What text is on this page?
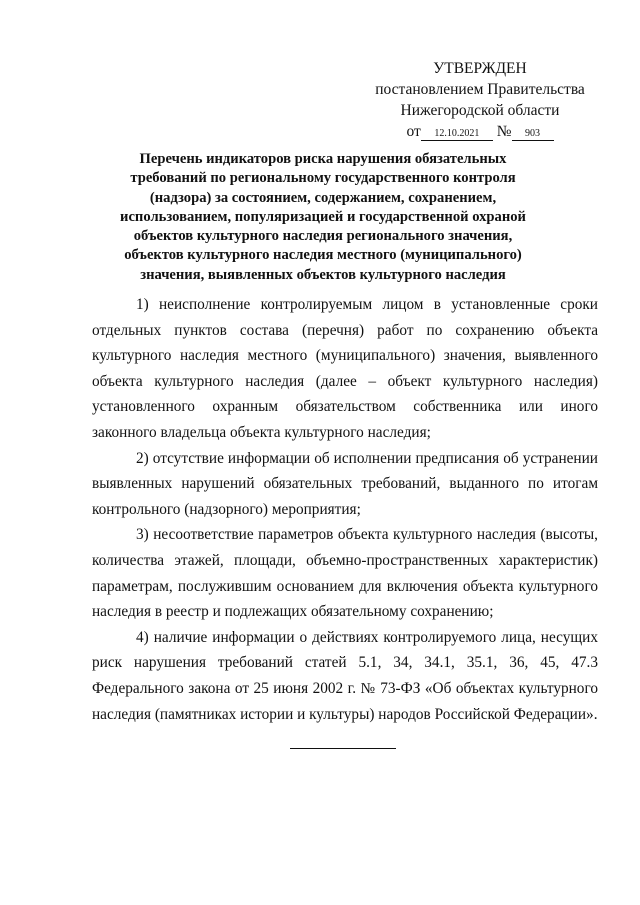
УТВЕРЖДЕН
постановлением Правительства
Нижегородской области
от 12.10.2021 № 903
Перечень индикаторов риска нарушения обязательных требований по региональному государственного контроля (надзора) за состоянием, содержанием, сохранением, использованием, популяризацией и государственной охраной объектов культурного наследия регионального значения, объектов культурного наследия местного (муниципального) значения, выявленных объектов культурного наследия

1) неисполнение контролируемым лицом в установленные сроки отдельных пунктов состава (перечня) работ по сохранению объекта культурного наследия местного (муниципального) значения, выявленного объекта культурного наследия (далее – объект культурного наследия) установленного охранным обязательством собственника или иного законного владельца объекта культурного наследия;

2) отсутствие информации об исполнении предписания об устранении выявленных нарушений обязательных требований, выданного по итогам контрольного (надзорного) мероприятия;

3) несоответствие параметров объекта культурного наследия (высоты, количества этажей, площади, объемно-пространственных характеристик) параметрам, послужившим основанием для включения объекта культурного наследия в реестр и подлежащих обязательному сохранению;

4) наличие информации о действиях контролируемого лица, несущих риск нарушения требований статей 5.1, 34, 34.1, 35.1, 36, 45, 47.3 Федерального закона от 25 июня 2002 г. № 73-ФЗ «Об объектах культурного наследия (памятниках истории и культуры) народов Российской Федерации».
